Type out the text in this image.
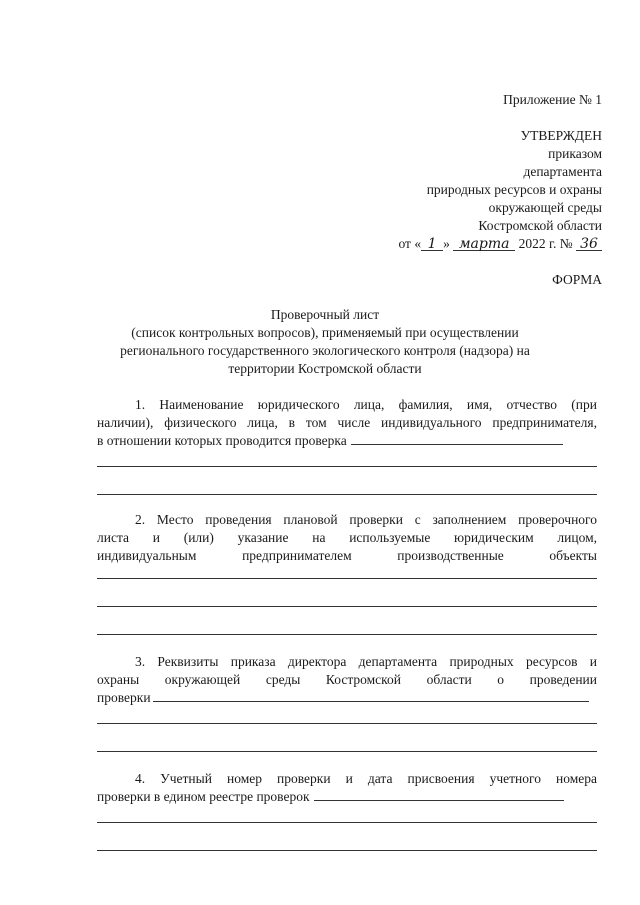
Приложение № 1
УТВЕРЖДЕН
приказом
департамента
природных ресурсов и охраны
окружающей среды
Костромской области
от « 1 » марта 2022 г. № 36
ФОРМА
Проверочный лист
(список контрольных вопросов), применяемый при осуществлении
регионального государственного экологического контроля (надзора) на
территории Костромской области
1. Наименование юридического лица, фамилия, имя, отчество (при
наличии), физического лица, в том числе индивидуального предпринимателя,
в отношении которых проводится проверка
2. Место проведения плановой проверки с заполнением проверочного
листа и (или) указание на используемые юридическим лицом,
индивидуальным предпринимателем производственные объекты
3. Реквизиты приказа директора департамента природных ресурсов и
охраны окружающей среды Костромской области о проведении
проверки
4. Учетный номер проверки и дата присвоения учетного номера
проверки в едином реестре проверок
